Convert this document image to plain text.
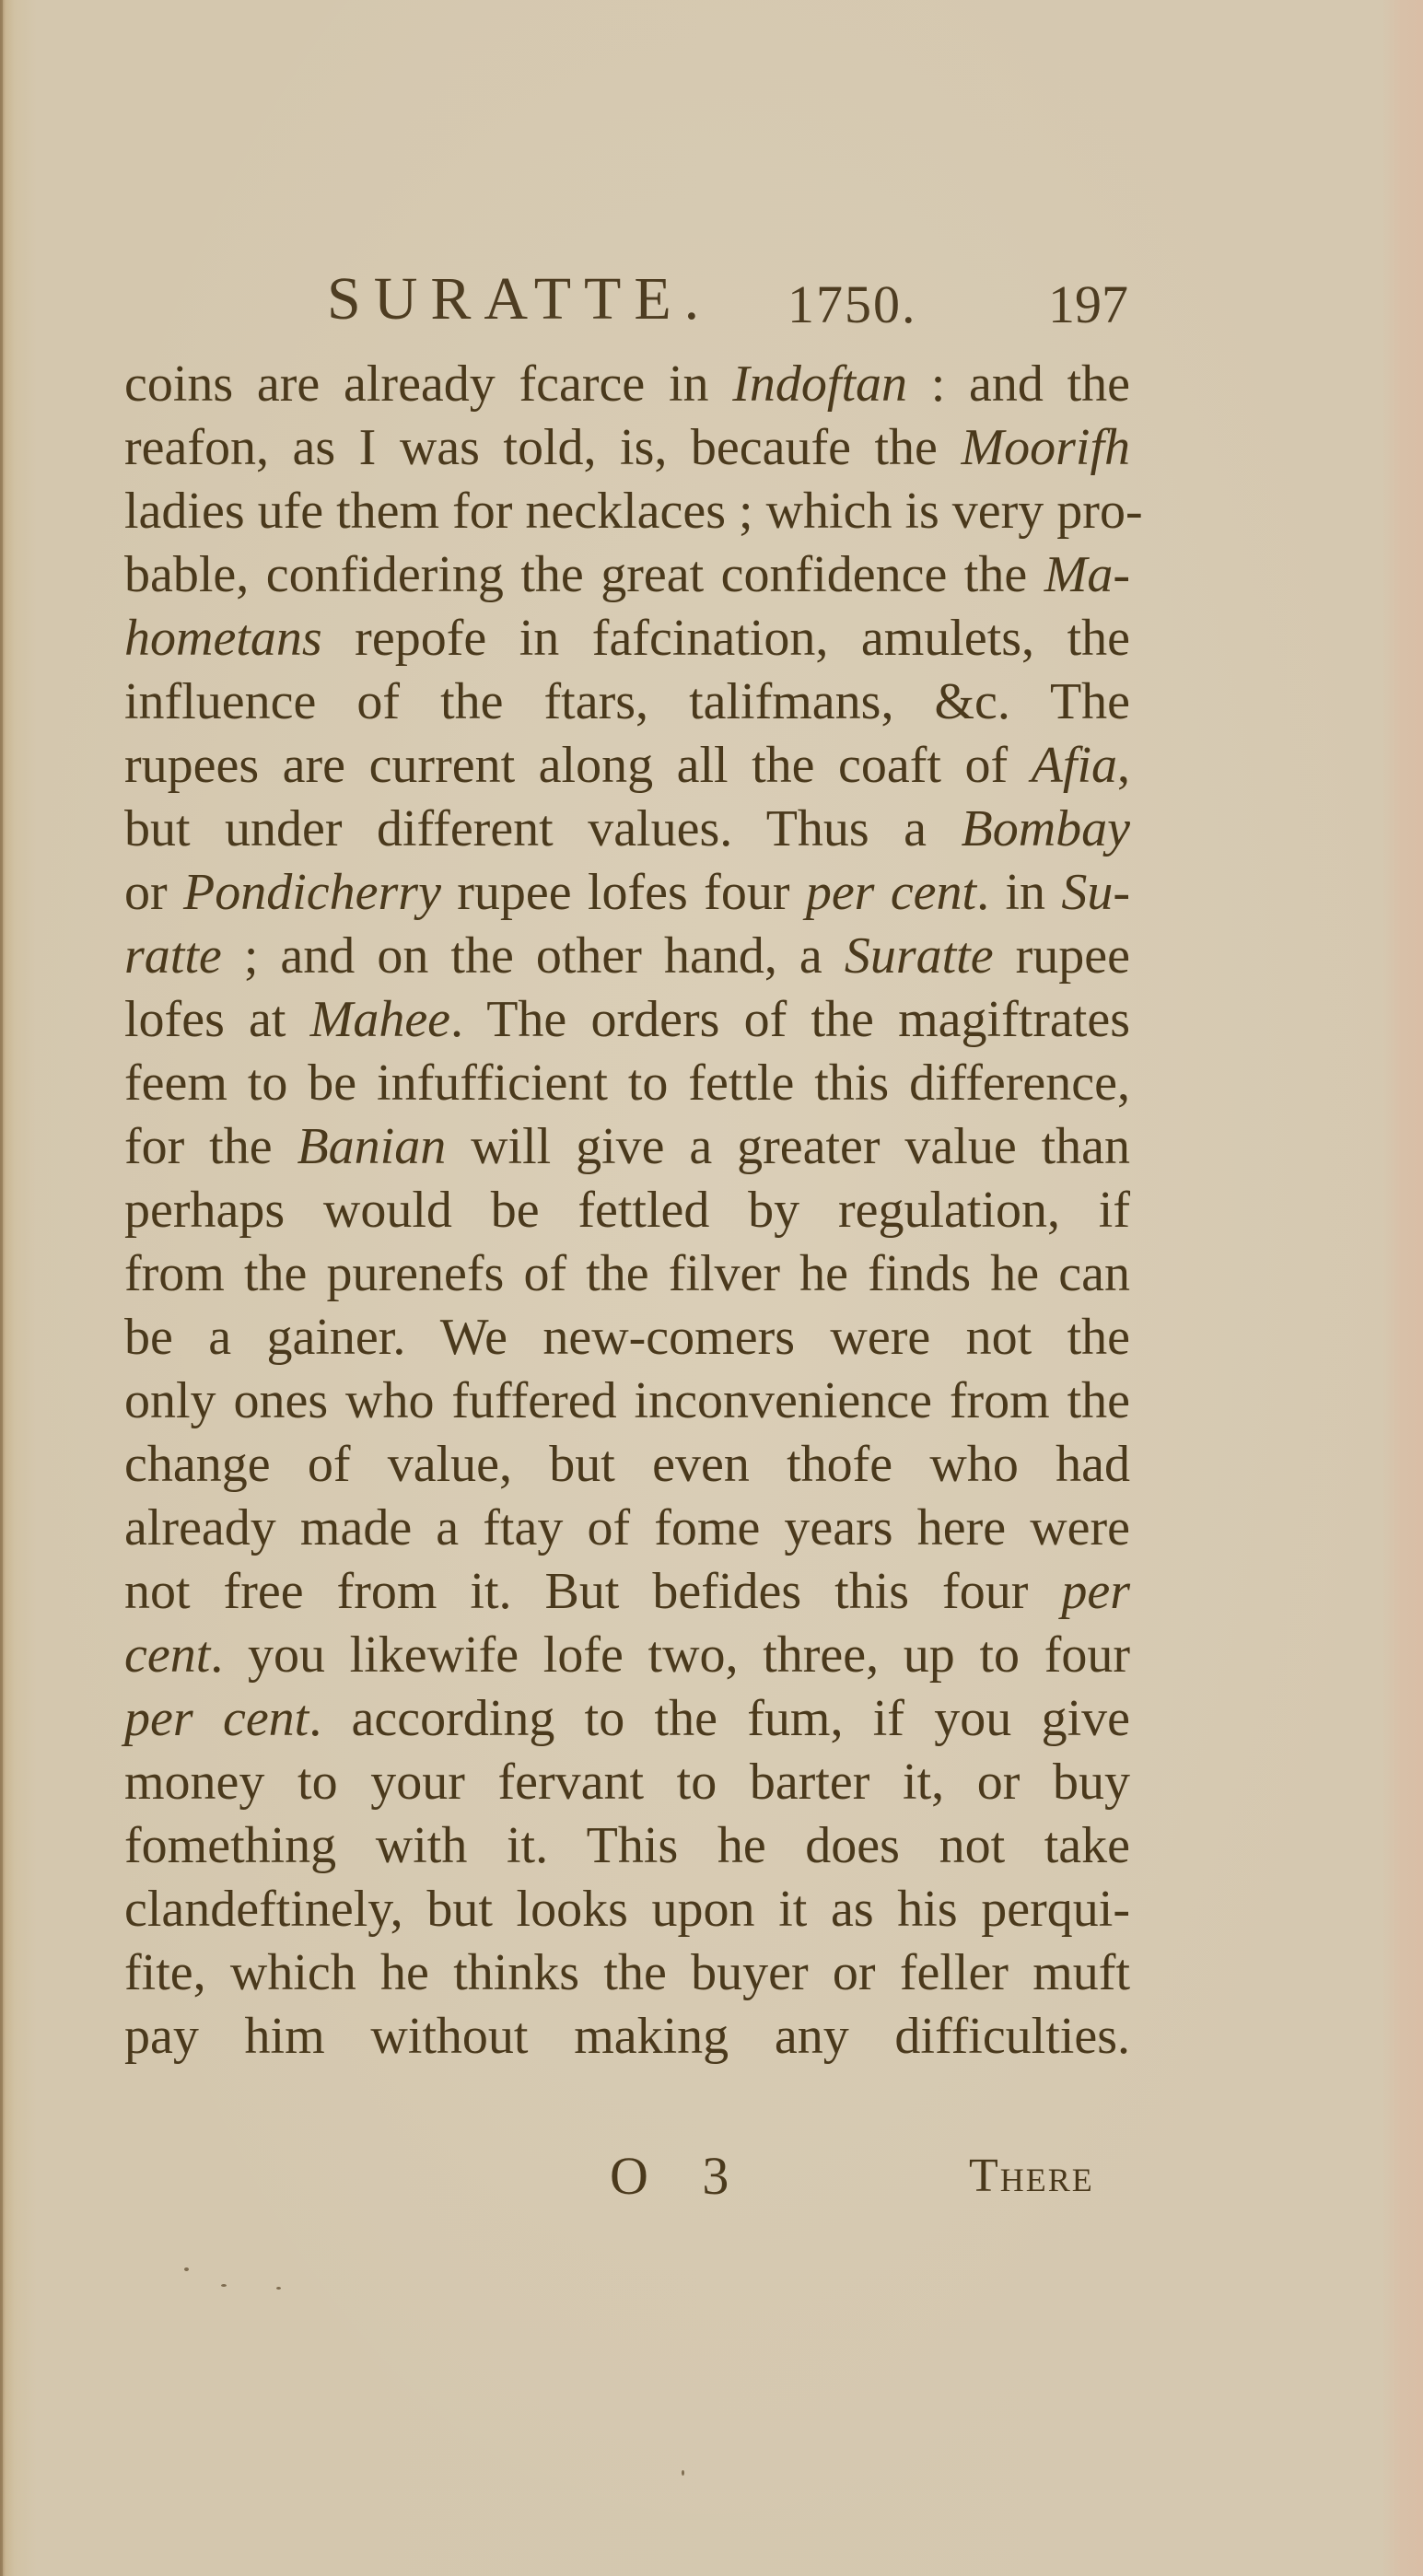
SURATTE. 1750. 197
coins are already fcarce in Indoftan : and the
reafon, as I was told, is, becaufe the Moorifh
ladies ufe them for necklaces ; which is very pro-
bable, confidering the great confidence the Ma-
hometans repofe in fafcination, amulets, the
influence of the ftars, talifmans, &c. The
rupees are current along all the coaft of Afia,
but under different values. Thus a Bombay
or Pondicherry rupee lofes four per cent. in Su-
ratte ; and on the other hand, a Suratte rupee
lofes at Mahee. The orders of the magiftrates
feem to be infufficient to fettle this difference,
for the Banian will give a greater value than
perhaps would be fettled by regulation, if
from the purenefs of the filver he finds he can
be a gainer. We new-comers were not the
only ones who fuffered inconvenience from the
change of value, but even thofe who had
already made a ftay of fome years here were
not free from it. But befides this four per
cent. you likewife lofe two, three, up to four
per cent. according to the fum, if you give
money to your fervant to barter it, or buy
fomething with it. This he does not take
clandeftinely, but looks upon it as his perqui-
fite, which he thinks the buyer or feller muft
pay him without making any difficulties.
O 3	There
